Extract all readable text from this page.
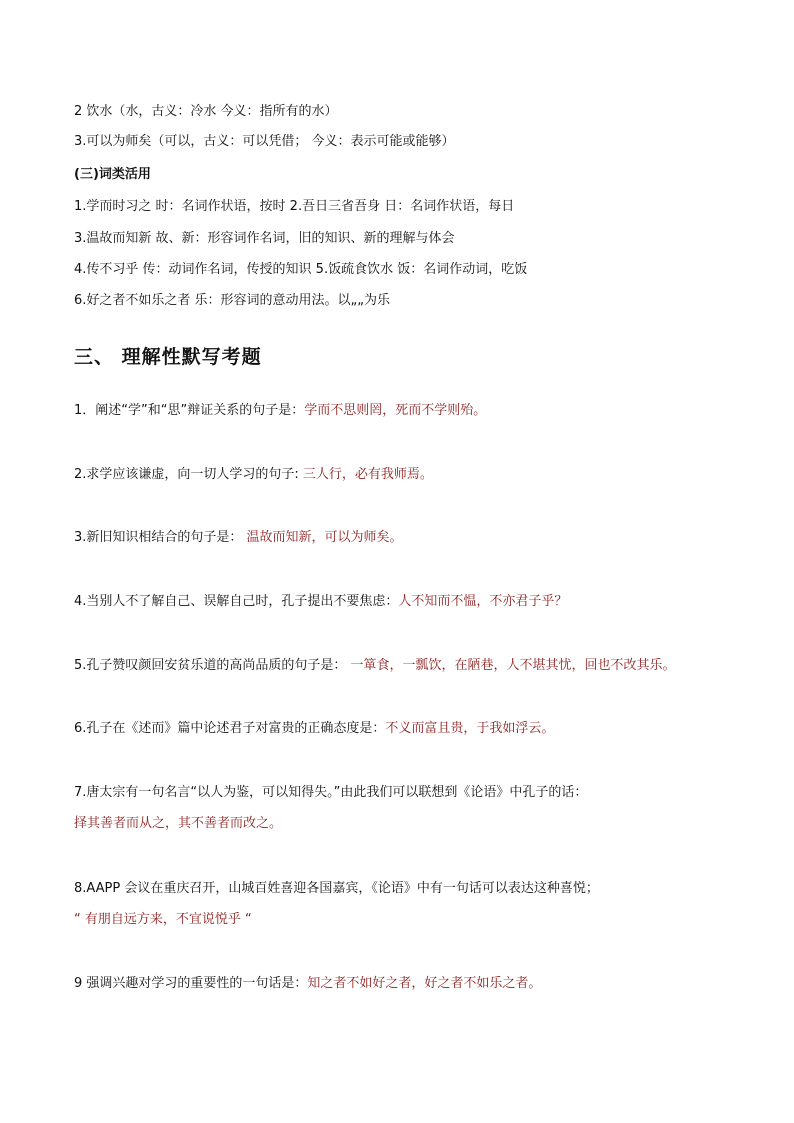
2 饮水（水，古义：冷水 今义：指所有的水）
3.可以为师矣（可以，古义：可以凭借； 今义：表示可能或能够）
(三)词类活用
1.学而时习之 时：名词作状语，按时 2.吾日三省吾身 日：名词作状语，每日
3.温故而知新 故、新：形容词作名词，旧的知识、新的理解与体会
4.传不习乎 传：动词作名词，传授的知识 5.饭疏食饮水 饭：名词作动词，吃饭
6.好之者不如乐之者 乐：形容词的意动用法。以„„为乐
三、 理解性默写考题
1．阐述“学”和“思”辩证关系的句子是：学而不思则罔，死而不学则殆。
2.求学应该谦虚，向一切人学习的句子: 三人行，必有我师焉。
3.新旧知识相结合的句子是： 温故而知新，可以为师矣。
4.当别人不了解自己、误解自己时，孔子提出不要焦虑：人不知而不愠，不亦君子乎？
5.孔子赞叹颜回安贫乐道的高尚品质的句子是： 一箪食，一瓢饮，在陋巷，人不堪其忧，回也不改其乐。
6.孔子在《述而》篇中论述君子对富贵的正确态度是：不义而富且贵，于我如浮云。
7.唐太宗有一句名言“以人为鉴，可以知得失。”由此我们可以联想到《论语》中孔子的话：
择其善者而从之，其不善者而改之。
8.AAPP 会议在重庆召开，山城百姓喜迎各国嘉宾，《论语》中有一句话可以表达这种喜悦；
“ 有朋自远方来，不宜说悦乎 “
9 强调兴趣对学习的重要性的一句话是：知之者不如好之者，好之者不如乐之者。
